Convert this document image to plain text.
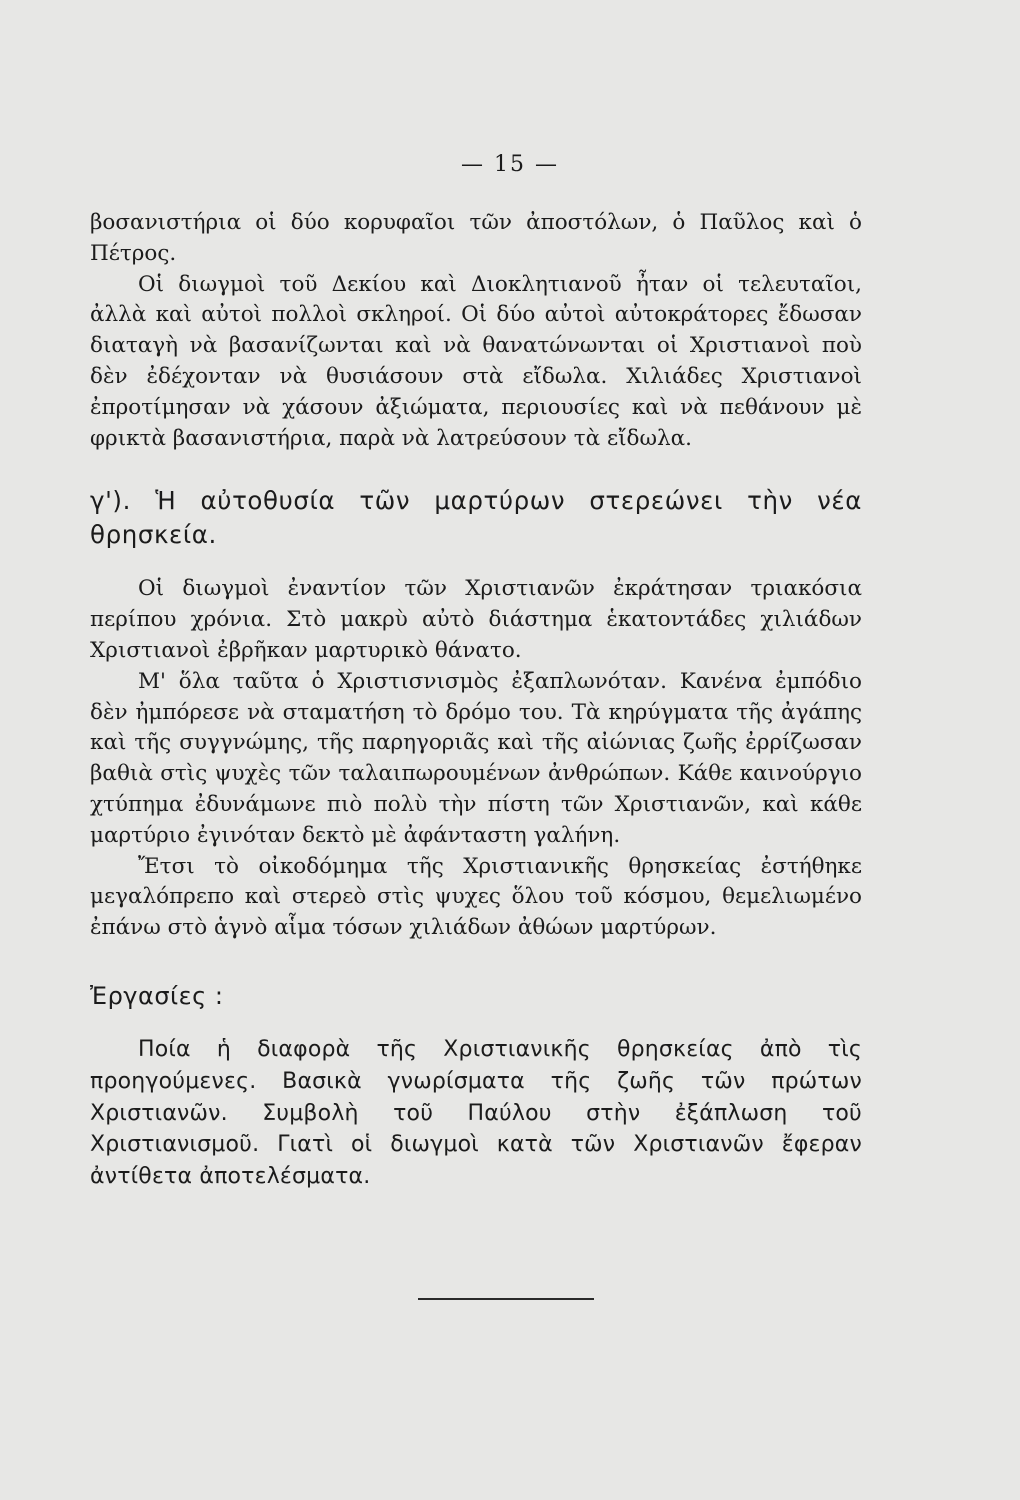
— 15 —

βοσανιστήρια οἱ δύο κορυφαῖοι τῶν ἀποστόλων, ὁ Παῦλος καὶ ὁ Πέτρος.

Οἱ διωγμοὶ τοῦ Δεκίου καὶ Διοκλητιανοῦ ἦταν οἱ τελευταῖοι, ἀλλὰ καὶ αὐτοὶ πολλοὶ σκληροί. Οἱ δύο αὐτοὶ αὐτοκράτορες ἔδωσαν διαταγὴ νὰ βασανίζωνται καὶ νὰ θανατώνωνται οἱ Χριστιανοὶ ποὺ δὲν ἐδέχονταν νὰ θυσιάσουν στὰ εἴδωλα. Χιλιάδες Χριστιανοὶ ἐπροτίμησαν νὰ χάσουν ἀξιώματα, περιουσίες καὶ νὰ πεθάνουν μὲ φρικτὰ βασανιστήρια, παρὰ νὰ λατρεύσουν τὰ εἴδωλα.

γ'). Ἡ αὐτοθυσία τῶν μαρτύρων στερεώνει τὴν νέα θρησκεία.

Οἱ διωγμοὶ ἐναντίον τῶν Χριστιανῶν ἐκράτησαν τριακόσια περίπου χρόνια. Στὸ μακρὺ αὐτὸ διάστημα ἑκατοντάδες χιλιάδων Χριστιανοὶ ἐβρῆκαν μαρτυρικὸ θάνατο.

Μ' ὅλα ταῦτα ὁ Χριστισνισμὸς ἐξαπλωνόταν. Κανένα ἐμπόδιο δὲν ἠμπόρεσε νὰ σταματήση τὸ δρόμο του. Τὰ κηρύγματα τῆς ἀγάπης καὶ τῆς συγγνώμης, τῆς παρηγοριᾶς καὶ τῆς αἰώνιας ζωῆς ἐρρίζωσαν βαθιὰ στὶς ψυχὲς τῶν ταλαιπωρουμένων ἀνθρώπων. Κάθε καινούργιο χτύπημα ἐδυνάμωνε πιὸ πολὺ τὴν πίστη τῶν Χριστιανῶν, καὶ κάθε μαρτύριο ἐγινόταν δεκτὸ μὲ ἀφάνταστη γαλήνη.

Ἔτσι τὸ οἰκοδόμημα τῆς Χριστιανικῆς θρησκείας ἐστήθηκε μεγαλόπρεπο καὶ στερεὸ στὶς ψυχες ὅλου τοῦ κόσμου, θεμελιωμένο ἐπάνω στὸ ἁγνὸ αἷμα τόσων χιλιάδων ἀθώων μαρτύρων.

Ἐργασίες :

Ποία ἡ διαφορὰ τῆς Χριστιανικῆς θρησκείας ἀπὸ τὶς προηγούμενες. Βασικὰ γνωρίσματα τῆς ζωῆς τῶν πρώτων Χριστιανῶν. Συμβολὴ τοῦ Παύλου στὴν ἐξάπλωση τοῦ Χριστιανισμοῦ. Γιατὶ οἱ διωγμοὶ κατὰ τῶν Χριστιανῶν ἔφεραν ἀντίθετα ἀποτελέσματα.
